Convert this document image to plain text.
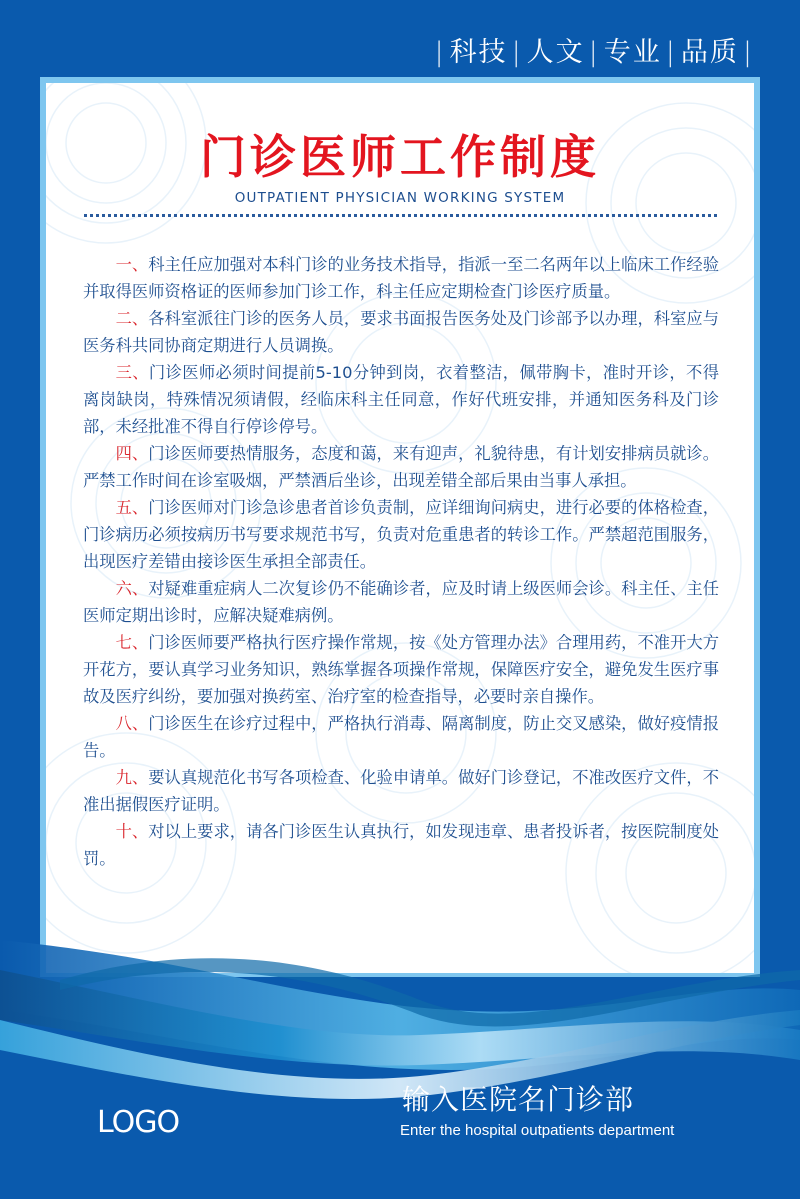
| 科技 | 人文 | 专业 | 品质 |
门诊医师工作制度
OUTPATIENT PHYSICIAN WORKING SYSTEM

一、科主任应加强对本科门诊的业务技术指导，指派一至二名两年以上临床工作经验并取得医师资格证的医师参加门诊工作，科主任应定期检查门诊医疗质量。

二、各科室派往门诊的医务人员，要求书面报告医务处及门诊部予以办理，科室应与医务科共同协商定期进行人员调换。

三、门诊医师必须时间提前5-10分钟到岗，衣着整洁，佩带胸卡，准时开诊，不得离岗缺岗，特殊情况须请假，经临床科主任同意，作好代班安排，并通知医务科及门诊部，未经批准不得自行停诊停号。

四、门诊医师要热情服务，态度和蔼，来有迎声，礼貌待患，有计划安排病员就诊。严禁工作时间在诊室吸烟，严禁酒后坐诊，出现差错全部后果由当事人承担。

五、门诊医师对门诊急诊患者首诊负责制，应详细询问病史，进行必要的体格检查，门诊病历必须按病历书写要求规范书写，负责对危重患者的转诊工作。严禁超范围服务，出现医疗差错由接诊医生承担全部责任。

六、对疑难重症病人二次复诊仍不能确诊者，应及时请上级医师会诊。科主任、主任医师定期出诊时，应解决疑难病例。

七、门诊医师要严格执行医疗操作常规，按《处方管理办法》合理用药，不准开大方开花方，要认真学习业务知识，熟练掌握各项操作常规，保障医疗安全，避免发生医疗事故及医疗纠纷，要加强对换药室、治疗室的检查指导，必要时亲自操作。

八、门诊医生在诊疗过程中，严格执行消毒、隔离制度，防止交叉感染，做好疫情报告。

九、要认真规范化书写各项检查、化验申请单。做好门诊登记，不准改医疗文件，不准出据假医疗证明。

十、对以上要求，请各门诊医生认真执行，如发现违章、患者投诉者，按医院制度处罚。

LOGO
输入医院名门诊部
Enter the hospital outpatients department
